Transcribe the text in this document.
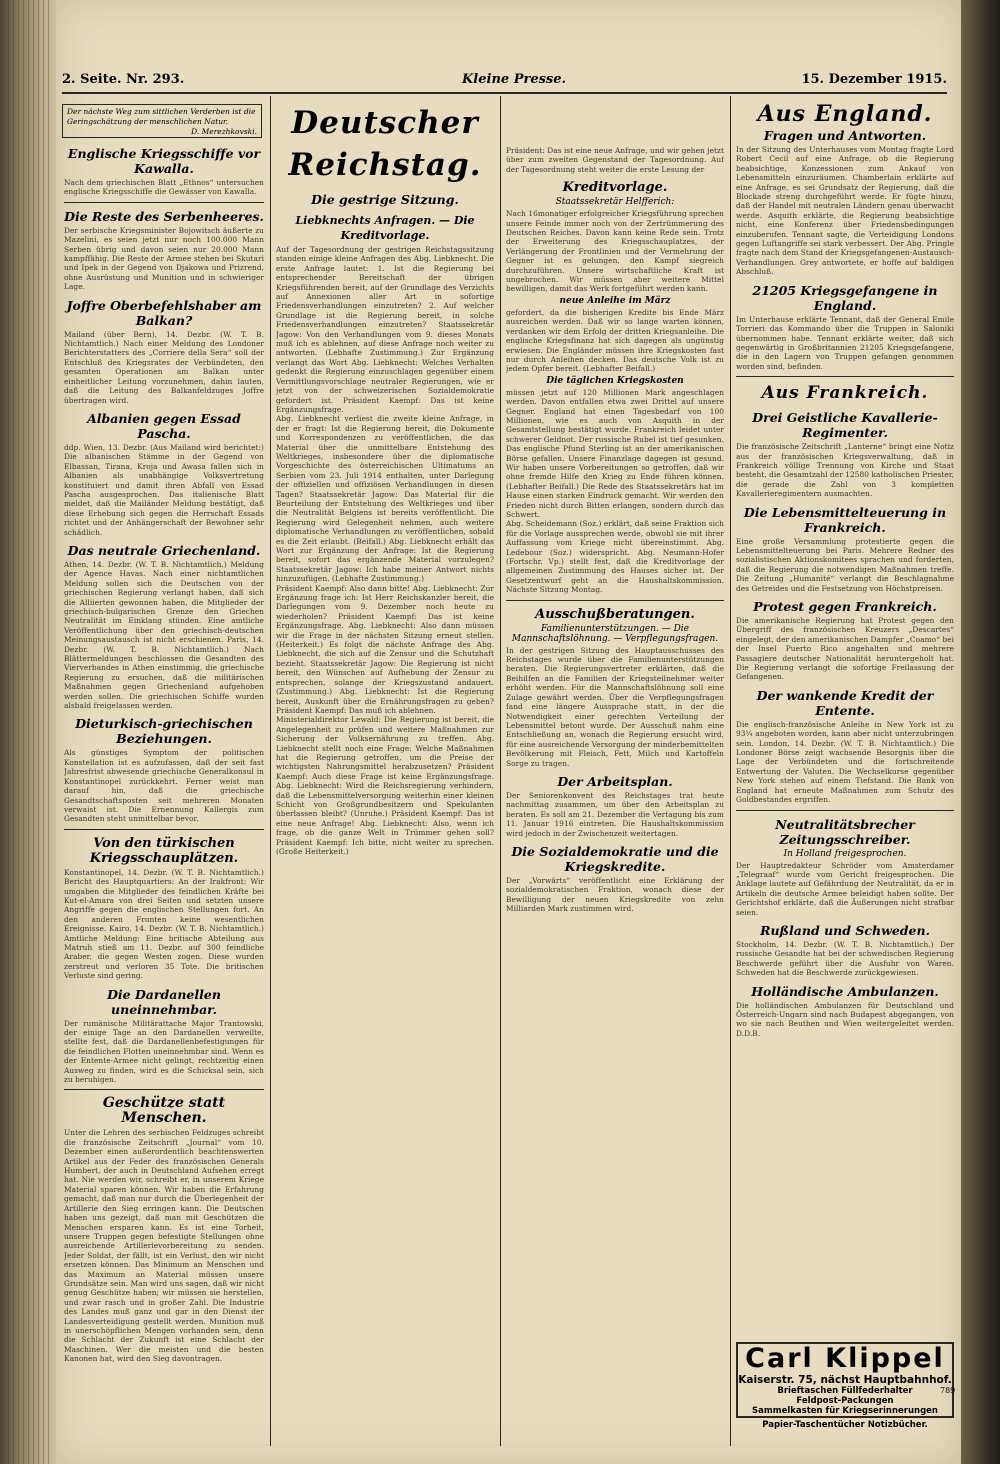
2. Seite. Nr. 293.	Kleine Presse.	15. Dezember 1915.
Der nächste Weg zum sittlichen Verderben ist die Geringschätzung der menschlichen Natur.
D. Merezhkovski.
Englische Kriegsschiffe vor Kawalla.

Nach dem griechischen Blatt „Ethnos“ untersuchen englische Kriegsschiffe die Gewässer von Kawalla.

Die Reste des Serbenheeres.

Der serbische Kriegsminister Bojowitsch äußerte zu Mazelini, es seien jetzt nur noch 100.000 Mann Serben übrig und davon seien nur 20.000 Mann kampffähig. Die Reste der Armee stehen bei Skutari und Ipek in der Gegend von Djakowa und Prizrend, ohne Ausrüstung und Munition und in schwieriger Lage.

Joffre Oberbefehlshaber am Balkan?

Mailand (über Bern), 14. Dezbr. (W. T. B. Nichtamtlich.) Nach einer Meldung des Londoner Berichterstatters des „Corriere della Sera“ soll der Entschluß des Kriegsrates der Verbündeten, den gesamten Operationen am Balkan unter einheitlicher Leitung vorzunehmen, dahin lauten, daß die Leitung des Balkanfeldzuges Joffre übertragen wird.

Albanien gegen Essad Pascha.

ddp. Wien, 13. Dezbr. (Aus Mailand wird berichtet:) Die albanischen Stämme in der Gegend von Elbassan, Tirana, Kroja und Awasa fallen sich in Albanien als unabhängige Volksvertretung konstituiert und damit ihren Abfall von Essad Pascha ausgesprochen. Das italienische Blatt meldet, daß die Mailänder Meldung bestätigt, daß diese Erhebung sich gegen die Herrschaft Essads richtet und der Anhängerschaft der Bewohner sehr schädlich.

Das neutrale Griechenland.

Athen, 14. Dezbr. (W. T. B. Nichtamtlich.) Meldung der Agence Havas. Nach einer nichtamtlichen Meldung sollen sich die Deutschen von der griechischen Regierung verlangt haben, daß sich die Alliierten gewonnen haben, die Mitglieder der griechisch-bulgarischen Grenze den Griechen Neutralität im Einklang stünden. Eine amtliche Veröffentlichung über den griechisch-deutschen Meinungsaustausch ist nicht erschienen. Paris, 14. Dezbr. (W. T. B. Nichtamtlich.) Nach Blättermeldungen beschlossen die Gesandten des Vierverbandes in Athen einstimmig, die griechische Regierung zu ersuchen, daß die militärischen Maßnahmen gegen Griechenland aufgehoben werden sollen. Die griechischen Schiffe wurden alsbald freigelassen werden.

Dieturkisch-griechischen Beziehungen.

Als günstiges Symptom der politischen Konstellation ist es aufzufassen, daß der seit fast Jahresfrist abwesende griechische Generalkonsul in Konstantinopel zurückkehrt. Ferner weist man darauf hin, daß die griechische Gesandtschaftsposten seit mehreren Monaten verwaist ist. Die Ernennung Kallergis zum Gesandten steht unmittelbar bevor.

Von den türkischen Kriegsschauplätzen.

Konstantinopel, 14. Dezbr. (W. T. B. Nichtamtlich.) Bericht des Hauptquartiers: An der Irakfront: Wir umgaben die Mitglieder des feindlichen Kräfte bei Kut-el-Amara von drei Seiten und setzten unsere Angriffe gegen die englischen Stellungen fort. An den anderen Fronten keine wesentlichen Ereignisse. Kairo, 14. Dezbr. (W. T. B. Nichtamtlich.) Amtliche Meldung: Eine britische Abteilung aus Matruh stieß am 11. Dezbr. auf 300 feindliche Araber, die gegen Westen zogen. Diese wurden zerstreut und verloren 35 Tote. Die britischen Verluste sind gering.

Die Dardanellen uneinnehmbar.

Der rumänische Militärattache Major Trantowski, der einige Tage an den Dardanellen verweilte, stellte fest, daß die Dardanellenbefestigungen für die feindlichen Flotten uneinnehmbar sind. Wenn es der Entente-Armee nicht gelingt, rechtzeitig einen Ausweg zu finden, wird es die Schicksal sein, sich zu beruhigen.

Geschütze statt Menschen.

Unter die Lehren des serbischen Feldzuges schreibt die französische Zeitschrift „Journal“ vom 10. Dezember einen außerordentlich beachtenswerten Artikel aus der Feder des französischen Generals Humbert, der auch in Deutschland Aufsehen erregt hat. Nie werden wir, schreibt er, in unserem Kriege Material sparen können. Wir haben die Erfahrung gemacht, daß man nur durch die Überlegenheit der Artillerie den Sieg erringen kann. Die Deutschen haben uns gezeigt, daß man mit Geschützen die Menschen ersparen kann. Es ist eine Torheit, unsere Truppen gegen befestigte Stellungen ohne ausreichende Artillerievorbereitung zu senden. Jeder Soldat, der fällt, ist ein Verlust, den wir nicht ersetzen können. Das Minimum an Menschen und das Maximum an Material müssen unsere Grundsätze sein. Man wird uns sagen, daß wir nicht genug Geschütze haben; wir müssen sie herstellen, und zwar rasch und in großer Zahl. Die Industrie des Landes muß ganz und gar in den Dienst der Landesverteidigung gestellt werden. Munition muß in unerschöpflichen Mengen vorhanden sein, denn die Schlacht der Zukunft ist eine Schlacht der Maschinen. Wer die meisten und die besten Kanonen hat, wird den Sieg davontragen.

Deutscher Reichstag.
Die gestrige Sitzung.
Liebknechts Anfragen. — Die Kreditvorlage.

Auf der Tagesordnung der gestrigen Reichstagssitzung standen einige kleine Anfragen des Abg. Liebknecht. Die erste Anfrage lautet: 1. Ist die Regierung bei entsprechender Bereitschaft der übrigen Kriegsführenden bereit, auf der Grundlage des Verzichts auf Annexionen aller Art in sofortige Friedensverhandlungen einzutreten? 2. Auf welcher Grundlage ist die Regierung bereit, in solche Friedensverhandlungen einzutreten? Staatssekretär Jagow: Von den Verhandlungen vom 9. dieses Monats muß ich es ablehnen, auf diese Anfrage noch weiter zu antworten. (Lebhafte Zustimmung.) Zur Ergänzung verlangt das Wort Abg. Liebknecht: Welches Verhalten gedenkt die Regierung einzuschlagen gegenüber einem Vermittlungsvorschlage neutraler Regierungen, wie er jetzt von der schweizerischen Sozialdemokratie gefordert ist. Präsident Kaempf: Das ist keine Ergänzungsfrage.

Abg. Liebknecht verliest die zweite kleine Anfrage, in der er fragt: Ist die Regierung bereit, die Dokumente und Korrespondenzen zu veröffentlichen, die das Material über die unmittelbare Entstehung des Weltkrieges, insbesondere über die diplomatische Vorgeschichte des österreichischen Ultimatums an Serbien vom 23. Juli 1914 enthalten, unter Darlegung der offiziellen und offiziösen Verhandlungen in diesen Tagen? Staatssekretär Jagow: Das Material für die Beurteilung der Entstehung des Weltkrieges und über die Neutralität Belgiens ist bereits veröffentlicht. Die Regierung wird Gelegenheit nehmen, auch weitere diplomatische Verhandlungen zu veröffentlichen, sobald es die Zeit erlaubt. (Beifall.) Abg. Liebknecht erhält das Wort zur Ergänzung der Anfrage: Ist die Regierung bereit, sofort das ergänzende Material vorzulegen? Staatssekretär Jagow: Ich habe meiner Antwort nichts hinzuzufügen. (Lebhafte Zustimmung.)

Präsident Kaempf: Also dann bitte! Abg. Liebknecht: Zur Ergänzung frage ich: Ist Herr Reichskanzler bereit, die Darlegungen vom 9. Dezember noch heute zu wiederholen? Präsident Kaempf: Das ist keine Ergänzungsfrage. Abg. Liebknecht: Also dann müssen wir die Frage in der nächsten Sitzung erneut stellen. (Heiterkeit.) Es folgt die nächste Anfrage des Abg. Liebknecht, die sich auf die Zensur und die Schutzhaft bezieht. Staatssekretär Jagow: Die Regierung ist nicht bereit, den Wünschen auf Aufhebung der Zensur zu entsprechen, solange der Kriegszustand andauert. (Zustimmung.) Abg. Liebknecht: Ist die Regierung bereit, Auskunft über die Ernährungsfragen zu geben? Präsident Kaempf: Das muß ich ablehnen.

Ministerialdirektor Lewald: Die Regierung ist bereit, die Angelegenheit zu prüfen und weitere Maßnahmen zur Sicherung der Volksernährung zu treffen. Abg. Liebknecht stellt noch eine Frage: Welche Maßnahmen hat die Regierung getroffen, um die Preise der wichtigsten Nahrungsmittel herabzusetzen? Präsident Kaempf: Auch diese Frage ist keine Ergänzungsfrage. Abg. Liebknecht: Wird die Reichsregierung verhindern, daß die Lebensmittelversorgung weiterhin einer kleinen Schicht von Großgrundbesitzern und Spekulanten überlassen bleibt? (Unruhe.) Präsident Kaempf: Das ist eine neue Anfrage! Abg. Liebknecht: Also, wenn ich frage, ob die ganze Welt in Trümmer gehen soll? Präsident Kaempf: Ich bitte, nicht weiter zu sprechen. (Große Heiterkeit.)

Präsident: Das ist eine neue Anfrage, und wir gehen jetzt über zum zweiten Gegenstand der Tagesordnung. Auf der Tagesordnung steht weiter die erste Lesung der

Kreditvorlage.
Staatssekretär Helfferich:

Nach 16monatiger erfolgreicher Kriegsführung sprechen unsere Feinde immer noch von der Zertrümmerung des Deutschen Reiches. Davon kann keine Rede sein. Trotz der Erweiterung des Kriegsschauplatzes, der Verlängerung der Frontlinien und der Vermehrung der Gegner ist es gelungen, den Kampf siegreich durchzuführen. Unsere wirtschaftliche Kraft ist ungebrochen. Wir müssen aber weitere Mittel bewilligen, damit das Werk fortgeführt werden kann.

neue Anleihe im März

gefordert, da die bisherigen Kredite bis Ende März ausreichen werden. Daß wir so lange warten können, verdanken wir dem Erfolg der dritten Kriegsanleihe. Die englische Kriegsfinanz hat sich dagegen als ungünstig erwiesen. Die Engländer müssen ihre Kriegskosten fast nur durch Anleihen decken. Das deutsche Volk ist zu jedem Opfer bereit. (Lebhafter Beifall.)

Die täglichen Kriegskosten

müssen jetzt auf 120 Millionen Mark angeschlagen werden. Davon entfallen etwa zwei Drittel auf unsere Gegner. England hat einen Tagesbedarf von 100 Millionen, wie es auch von Asquith in der Gesamtstellung bestätigt wurde. Frankreich leidet unter schwerer Geldnot. Der russische Rubel ist tief gesunken. Das englische Pfund Sterling ist an der amerikanischen Börse gefallen. Unsere Finanzlage dagegen ist gesund. Wir haben unsere Vorbereitungen so getroffen, daß wir ohne fremde Hilfe den Krieg zu Ende führen können. (Lebhafter Beifall.) Die Rede des Staatssekretärs hat im Hause einen starken Eindruck gemacht. Wir werden den Frieden nicht durch Bitten erlangen, sondern durch das Schwert.

Abg. Scheidemann (Soz.) erklärt, daß seine Fraktion sich für die Vorlage aussprechen werde, obwohl sie mit ihrer Auffassung vom Kriege nicht übereinstimmt. Abg. Ledebour (Soz.) widerspricht. Abg. Neumann-Hofer (Fortschr. Vp.) stellt fest, daß die Kreditvorlage der allgemeinen Zustimmung des Hauses sicher ist. Der Gesetzentwurf geht an die Haushaltskommission. Nächste Sitzung Montag.

Ausschußberatungen.
Familienunterstützungen. — Die Mannschaftslöhnung. — Verpflegungsfragen.

In der gestrigen Sitzung des Hauptausschusses des Reichstages wurde über die Familienunterstützungen beraten. Die Regierungsvertreter erklärten, daß die Beihilfen an die Familien der Kriegsteilnehmer weiter erhöht werden. Für die Mannschaftslöhnung soll eine Zulage gewährt werden. Über die Verpflegungsfragen fand eine längere Aussprache statt, in der die Notwendigkeit einer gerechten Verteilung der Lebensmittel betont wurde. Der Ausschuß nahm eine Entschließung an, wonach die Regierung ersucht wird, für eine ausreichende Versorgung der minderbemittelten Bevölkerung mit Fleisch, Fett, Milch und Kartoffeln Sorge zu tragen.

Der Arbeitsplan.

Der Seniorenkonvent des Reichstages trat heute nachmittag zusammen, um über den Arbeitsplan zu beraten. Es soll am 21. Dezember die Vertagung bis zum 11. Januar 1916 eintreten. Die Haushaltskommission wird jedoch in der Zwischenzeit weitertagen.

Die Sozialdemokratie und die Kriegskredite.

Der „Vorwärts“ veröffentlicht eine Erklärung der sozialdemokratischen Fraktion, wonach diese der Bewilligung der neuen Kriegskredite von zehn Milliarden Mark zustimmen wird.

Aus England.
Fragen und Antworten.

In der Sitzung des Unterhauses vom Montag fragte Lord Robert Cecil auf eine Anfrage, ob die Regierung beabsichtige, Konzessionen zum Ankauf von Lebensmitteln einzuräumen. Chamberlain erklärte auf eine Anfrage, es sei Grundsatz der Regierung, daß die Blockade streng durchgeführt werde. Er fügte hinzu, daß der Handel mit neutralen Ländern genau überwacht werde. Asquith erklärte, die Regierung beabsichtige nicht, eine Konferenz über Friedensbedingungen einzuberufen. Tennant sagte, die Verteidigung Londons gegen Luftangriffe sei stark verbessert. Der Abg. Pringle fragte nach dem Stand der Kriegsgefangenen-Austausch-Verhandlungen. Grey antwortete, er hoffe auf baldigen Abschluß.

21205 Kriegsgefangene in England.

Im Unterhause erklärte Tennant, daß der General Emile Torrieri das Kommando über die Truppen in Saloniki übernommen habe. Tennant erklärte weiter, daß sich gegenwärtig in Großbritannien 21205 Kriegsgefangene, die in den Lagern von Truppen gefangen genommen worden sind, befinden.

Aus Frankreich.
Drei Geistliche Kavallerie-Regimenter.

Die französische Zeitschrift „Lanterne“ bringt eine Notiz aus der französischen Kriegsverwaltung, daß in Frankreich völlige Trennung von Kirche und Staat besteht, die Gesamtzahl der 12580 katholischen Priester, die gerade die Zahl von 3 kompletten Kavallerieregimentern ausmachten.

Die Lebensmittelteuerung in Frankreich.

Eine große Versammlung protestierte gegen die Lebensmittelteuerung bei Paris. Mehrere Redner des sozialistischen Aktionskomitees sprachen und forderten, daß die Regierung die notwendigen Maßnahmen treffe. Die Zeitung „Humanité“ verlangt die Beschlagnahme des Getreides und die Festsetzung von Höchstpreisen.

Protest gegen Frankreich.

Die amerikanische Regierung hat Protest gegen den Übergriff des französischen Kreuzers „Descartes“ eingelegt, der den amerikanischen Dampfer „Coamo“ bei der Insel Puerto Rico angehalten und mehrere Passagiere deutscher Nationalität heruntergeholt hat. Die Regierung verlangt die sofortige Freilassung der Gefangenen.

Der wankende Kredit der Entente.

Die englisch-französische Anleihe in New York ist zu 93¼ angeboten worden, kann aber nicht unterzubringen sein. London, 14. Dezbr. (W. T. B. Nichtamtlich.) Die Londoner Börse zeigt wachsende Besorgnis über die Lage der Verbündeten und die fortschreitende Entwertung der Valuten. Die Wechselkurse gegenüber New York stehen auf einem Tiefstand. Die Bank von England hat erneute Maßnahmen zum Schutz des Goldbestandes ergriffen.

Neutralitätsbrecher Zeitungsschreiber.
In Holland freigesprochen.

Der Hauptredakteur Schröder vom Amsterdamer „Telegraaf“ wurde vom Gericht freigesprochen. Die Anklage lautete auf Gefährdung der Neutralität, da er in Artikeln die deutsche Armee beleidigt haben sollte. Der Gerichtshof erklärte, daß die Äußerungen nicht strafbar seien.

Rußland und Schweden.

Stockholm, 14. Dezbr. (W. T. B. Nichtamtlich.) Der russische Gesandte hat bei der schwedischen Regierung Beschwerde geführt über die Ausfuhr von Waren. Schweden hat die Beschwerde zurückgewiesen.

Holländische Ambulanzen.

Die holländischen Ambulanzen für Deutschland und Österreich-Ungarn sind nach Budapest abgegangen, von wo sie nach Beuthen und Wien weitergeleitet werden. D.D.B.

Carl Klippel
Kaiserstr. 75, nächst Hauptbahnhof.
Brieftaschen Füllfederhalter
Feldpost-Packungen
Sammelkasten für Kriegserinnerungen
Papier-Taschentücher Notizbücher.
789
